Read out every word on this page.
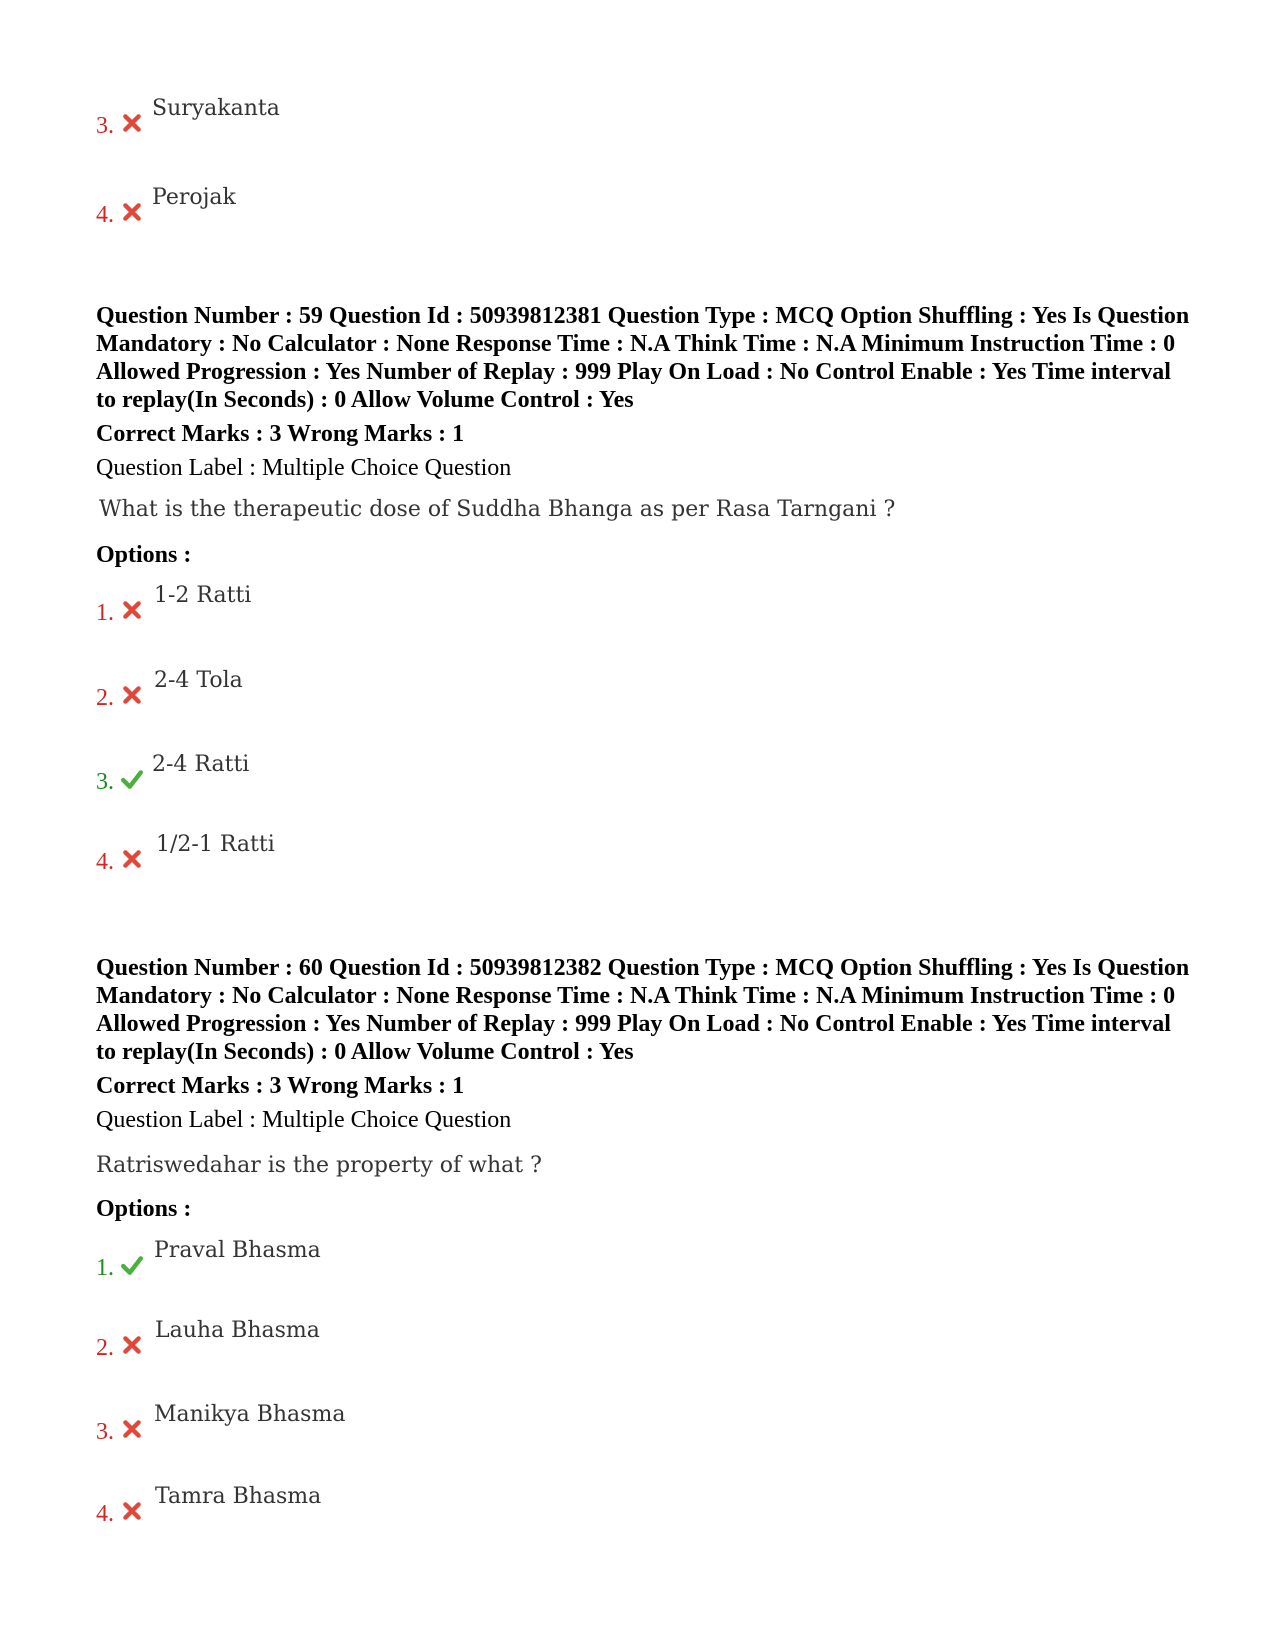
3.
Suryakanta
4.
Perojak

Question Number : 59 Question Id : 50939812381 Question Type : MCQ Option Shuffling : Yes Is Question Mandatory : No Calculator : None Response Time : N.A Think Time : N.A Minimum Instruction Time : 0 Allowed Progression : Yes Number of Replay : 999 Play On Load : No Control Enable : Yes Time interval to replay(In Seconds) : 0 Allow Volume Control : Yes

Correct Marks : 3 Wrong Marks : 1
Question Label : Multiple Choice Question
What is the therapeutic dose of Suddha Bhanga as per Rasa Tarngani ?
Options :
1.
1-2 Ratti
2.
2-4 Tola
3.
2-4 Ratti
4.
1/2-1 Ratti

Question Number : 60 Question Id : 50939812382 Question Type : MCQ Option Shuffling : Yes Is Question Mandatory : No Calculator : None Response Time : N.A Think Time : N.A Minimum Instruction Time : 0 Allowed Progression : Yes Number of Replay : 999 Play On Load : No Control Enable : Yes Time interval to replay(In Seconds) : 0 Allow Volume Control : Yes

Correct Marks : 3 Wrong Marks : 1
Question Label : Multiple Choice Question
Ratriswedahar is the property of what ?
Options :
1.
Praval Bhasma
2.
Lauha Bhasma
3.
Manikya Bhasma
4.
Tamra Bhasma
